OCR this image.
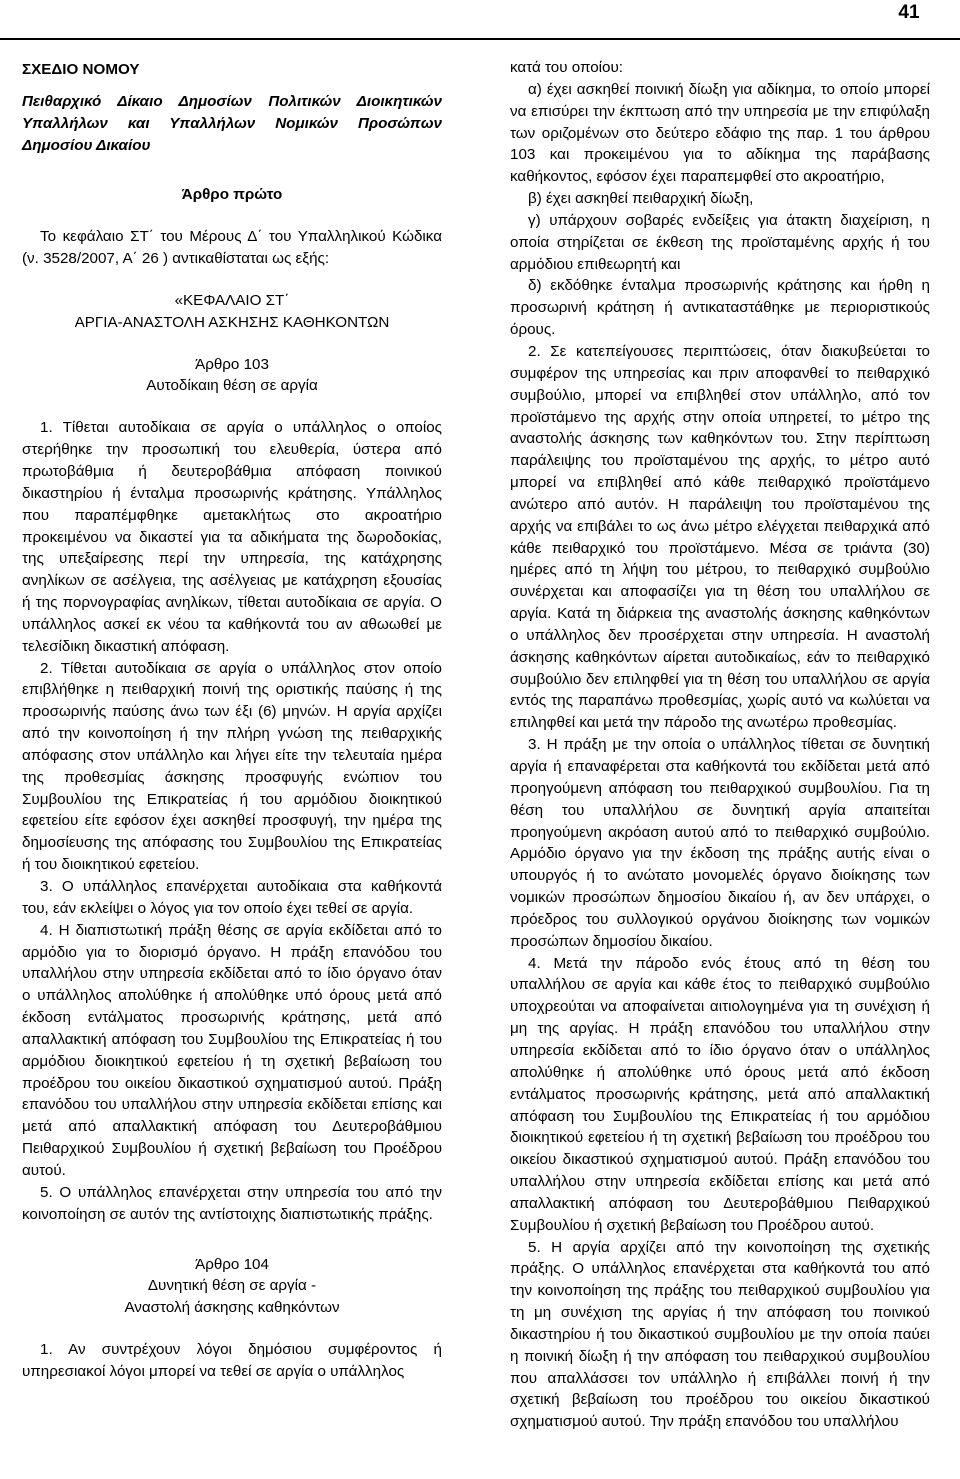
41

ΣΧΕΔΙΟ ΝΟΜΟΥ

Πειθαρχικό Δίκαιο Δημοσίων Πολιτικών Διοικητικών Υπαλλήλων και Υπαλλήλων Νομικών Προσώπων Δημοσίου Δικαίου

Άρθρο πρώτο

Το κεφάλαιο ΣΤ΄ του Μέρους Δ΄ του Υπαλληλικού Κώδικα (ν. 3528/2007, Α΄ 26 ) αντικαθίσταται ως εξής:

«ΚΕΦΑΛΑΙΟ ΣΤ΄

ΑΡΓΙΑ-ΑΝΑΣΤΟΛΗ ΑΣΚΗΣΗΣ ΚΑΘΗΚΟΝΤΩΝ

Άρθρο 103

Αυτοδίκαιη θέση σε αργία

1. Τίθεται αυτοδίκαια σε αργία ο υπάλληλος ο οποίος στερήθηκε την προσωπική του ελευθερία, ύστερα από πρωτοβάθμια ή δευτεροβάθμια απόφαση ποινικού δικαστηρίου ή ένταλμα προσωρινής κράτησης. Υπάλληλος που παραπέμφθηκε αμετακλήτως στο ακροατήριο προκειμένου να δικαστεί για τα αδικήματα της δωροδοκίας, της υπεξαίρεσης περί την υπηρεσία, της κατάχρησης ανηλίκων σε ασέλγεια, της ασέλγειας με κατάχρηση εξουσίας ή της πορνογραφίας ανηλίκων, τίθεται αυτοδίκαια σε αργία. Ο υπάλληλος ασκεί εκ νέου τα καθήκοντά του αν αθωωθεί με τελεσίδικη δικαστική απόφαση.

2. Τίθεται αυτοδίκαια σε αργία ο υπάλληλος στον οποίο επιβλήθηκε η πειθαρχική ποινή της οριστικής παύσης ή της προσωρινής παύσης άνω των έξι (6) μηνών. Η αργία αρχίζει από την κοινοποίηση ή την πλήρη γνώση της πειθαρχικής απόφασης στον υπάλληλο και λήγει είτε την τελευταία ημέρα της προθεσμίας άσκησης προσφυγής ενώπιον του Συμβουλίου της Επικρατείας ή του αρμόδιου διοικητικού εφετείου είτε εφόσον έχει ασκηθεί προσφυγή, την ημέρα της δημοσίευσης της απόφασης του Συμβουλίου της Επικρατείας ή του διοικητικού εφετείου.

3. Ο υπάλληλος επανέρχεται αυτοδίκαια στα καθήκοντά του, εάν εκλείψει ο λόγος για τον οποίο έχει τεθεί σε αργία.

4. Η διαπιστωτική πράξη θέσης σε αργία εκδίδεται από το αρμόδιο για το διορισμό όργανο. Η πράξη επανόδου του υπαλλήλου στην υπηρεσία εκδίδεται από το ίδιο όργανο όταν ο υπάλληλος απολύθηκε ή απολύθηκε υπό όρους μετά από έκδοση εντάλματος προσωρινής κράτησης, μετά από απαλλακτική απόφαση του Συμβουλίου της Επικρατείας ή του αρμόδιου διοικητικού εφετείου ή τη σχετική βεβαίωση του προέδρου του οικείου δικαστικού σχηματισμού αυτού. Πράξη επανόδου του υπαλλήλου στην υπηρεσία εκδίδεται επίσης και μετά από απαλλακτική απόφαση του Δευτεροβάθμιου Πειθαρχικού Συμβουλίου ή σχετική βεβαίωση του Προέδρου αυτού.

5. Ο υπάλληλος επανέρχεται στην υπηρεσία του από την κοινοποίηση σε αυτόν της αντίστοιχης διαπιστωτικής πράξης.

Άρθρο 104

Δυνητική θέση σε αργία -

Αναστολή άσκησης καθηκόντων

1. Αν συντρέχουν λόγοι δημόσιου συμφέροντος ή υπηρεσιακοί λόγοι μπορεί να τεθεί σε αργία ο υπάλληλος

κατά του οποίου:

α) έχει ασκηθεί ποινική δίωξη για αδίκημα, το οποίο μπορεί να επισύρει την έκπτωση από την υπηρεσία με την επιφύλαξη των οριζομένων στο δεύτερο εδάφιο της παρ. 1 του άρθρου 103 και προκειμένου για το αδίκημα της παράβασης καθήκοντος, εφόσον έχει παραπεμφθεί στο ακροατήριο,

β) έχει ασκηθεί πειθαρχική δίωξη,

γ) υπάρχουν σοβαρές ενδείξεις για άτακτη διαχείριση, η οποία στηρίζεται σε έκθεση της προϊσταμένης αρχής ή του αρμόδιου επιθεωρητή και

δ) εκδόθηκε ένταλμα προσωρινής κράτησης και ήρθη η προσωρινή κράτηση ή αντικαταστάθηκε με περιοριστικούς όρους.

2. Σε κατεπείγουσες περιπτώσεις, όταν διακυβεύεται το συμφέρον της υπηρεσίας και πριν αποφανθεί το πειθαρχικό συμβούλιο, μπορεί να επιβληθεί στον υπάλληλο, από τον προϊστάμενο της αρχής στην οποία υπηρετεί, το μέτρο της αναστολής άσκησης των καθηκόντων του. Στην περίπτωση παράλειψης του προϊσταμένου της αρχής, το μέτρο αυτό μπορεί να επιβληθεί από κάθε πειθαρχικό προϊστάμενο ανώτερο από αυτόν. Η παράλειψη του προϊσταμένου της αρχής να επιβάλει το ως άνω μέτρο ελέγχεται πειθαρχικά από κάθε πειθαρχικό του προϊστάμενο. Μέσα σε τριάντα (30) ημέρες από τη λήψη του μέτρου, το πειθαρχικό συμβούλιο συνέρχεται και αποφασίζει για τη θέση του υπαλλήλου σε αργία. Κατά τη διάρκεια της αναστολής άσκησης καθηκόντων ο υπάλληλος δεν προσέρχεται στην υπηρεσία. Η αναστολή άσκησης καθηκόντων αίρεται αυτοδικαίως, εάν το πειθαρχικό συμβούλιο δεν επιληφθεί για τη θέση του υπαλλήλου σε αργία εντός της παραπάνω προθεσμίας, χωρίς αυτό να κωλύεται να επιληφθεί και μετά την πάροδο της ανωτέρω προθεσμίας.

3. Η πράξη με την οποία ο υπάλληλος τίθεται σε δυνητική αργία ή επαναφέρεται στα καθήκοντά του εκδίδεται μετά από προηγούμενη απόφαση του πειθαρχικού συμβουλίου. Για τη θέση του υπαλλήλου σε δυνητική αργία απαιτείται προηγούμενη ακρόαση αυτού από το πειθαρχικό συμβούλιο. Αρμόδιο όργανο για την έκδοση της πράξης αυτής είναι ο υπουργός ή το ανώτατο μονομελές όργανο διοίκησης των νομικών προσώπων δημοσίου δικαίου ή, αν δεν υπάρχει, ο πρόεδρος του συλλογικού οργάνου διοίκησης των νομικών προσώπων δημοσίου δικαίου.

4. Μετά την πάροδο ενός έτους από τη θέση του υπαλλήλου σε αργία και κάθε έτος το πειθαρχικό συμβούλιο υποχρεούται να αποφαίνεται αιτιολογημένα για τη συνέχιση ή μη της αργίας. Η πράξη επανόδου του υπαλλήλου στην υπηρεσία εκδίδεται από το ίδιο όργανο όταν ο υπάλληλος απολύθηκε ή απολύθηκε υπό όρους μετά από έκδοση εντάλματος προσωρινής κράτησης, μετά από απαλλακτική απόφαση του Συμβουλίου της Επικρατείας ή του αρμόδιου διοικητικού εφετείου ή τη σχετική βεβαίωση του προέδρου του οικείου δικαστικού σχηματισμού αυτού. Πράξη επανόδου του υπαλλήλου στην υπηρεσία εκδίδεται επίσης και μετά από απαλλακτική απόφαση του Δευτεροβάθμιου Πειθαρχικού Συμβουλίου ή σχετική βεβαίωση του Προέδρου αυτού.

5. Η αργία αρχίζει από την κοινοποίηση της σχετικής πράξης. Ο υπάλληλος επανέρχεται στα καθήκοντά του από την κοινοποίηση της πράξης του πειθαρχικού συμβουλίου για τη μη συνέχιση της αργίας ή την απόφαση του ποινικού δικαστηρίου ή του δικαστικού συμβουλίου με την οποία παύει η ποινική δίωξη ή την απόφαση του πειθαρχικού συμβουλίου που απαλλάσσει τον υπάλληλο ή επιβάλλει ποινή ή την σχετική βεβαίωση του προέδρου του οικείου δικαστικού σχηματισμού αυτού. Την πράξη επανόδου του υπαλλήλου
